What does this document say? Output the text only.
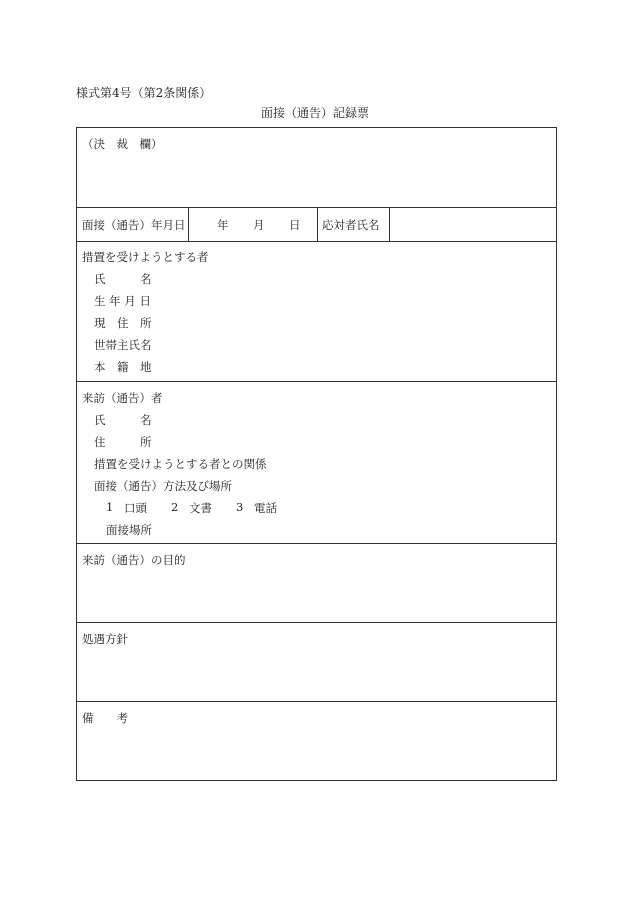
様式第4号（第2条関係）
面接（通告）記録票
（決　裁　欄）
面接（通告）年月日	年 月 日 応対者氏名
措置を受けようとする者
氏　　　名
生 年 月 日
現　住　所
世帯主氏名
本　籍　地
来訪（通告）者
氏　　　名
住　　　所
措置を受けようとする者との関係
面接（通告）方法及び場所
1 口頭 2 文書 3 電話
面接場所
来訪（通告）の目的
処遇方針
備　　考
